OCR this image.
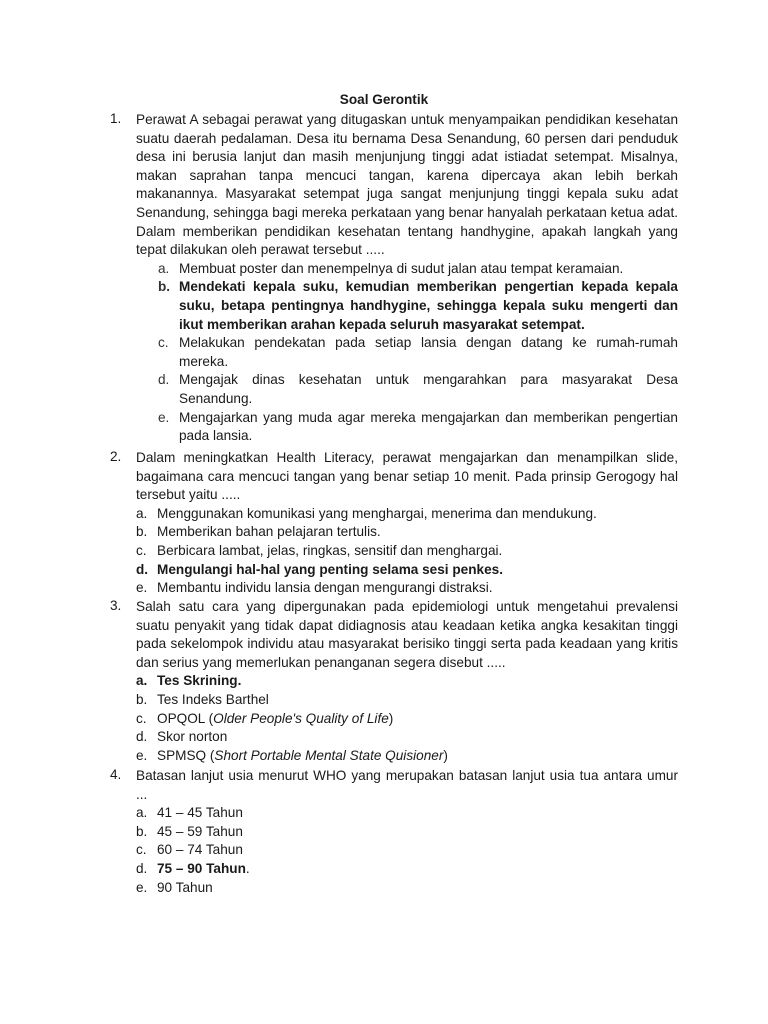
Soal Gerontik
1.	Perawat A sebagai perawat yang ditugaskan untuk menyampaikan pendidikan kesehatan suatu daerah pedalaman. Desa itu bernama Desa Senandung, 60 persen dari penduduk desa ini berusia lanjut dan masih menjunjung tinggi adat istiadat setempat. Misalnya, makan saprahan tanpa mencuci tangan, karena dipercaya akan lebih berkah makanannya. Masyarakat setempat juga sangat menjunjung tinggi kepala suku adat Senandung, sehingga bagi mereka perkataan yang benar hanyalah perkataan ketua adat. Dalam memberikan pendidikan kesehatan tentang handhygine, apakah langkah yang tepat dilakukan oleh perawat tersebut .....
a. Membuat poster dan menempelnya di sudut jalan atau tempat keramaian.
b. Mendekati kepala suku, kemudian memberikan pengertian kepada kepala suku, betapa pentingnya handhygine, sehingga kepala suku mengerti dan ikut memberikan arahan kepada seluruh masyarakat setempat.
c. Melakukan pendekatan pada setiap lansia dengan datang ke rumah-rumah mereka.
d. Mengajak dinas kesehatan untuk mengarahkan para masyarakat Desa Senandung.
e. Mengajarkan yang muda agar mereka mengajarkan dan memberikan pengertian pada lansia.
2.	Dalam meningkatkan Health Literacy, perawat mengajarkan dan menampilkan slide, bagaimana cara mencuci tangan yang benar setiap 10 menit. Pada prinsip Gerogogy hal tersebut yaitu .....
a. Menggunakan komunikasi yang menghargai, menerima dan mendukung.
b. Memberikan bahan pelajaran tertulis.
c. Berbicara lambat, jelas, ringkas, sensitif dan menghargai.
d. Mengulangi hal-hal yang penting selama sesi penkes.
e. Membantu individu lansia dengan mengurangi distraksi.
3.	Salah satu cara yang dipergunakan pada epidemiologi untuk mengetahui prevalensi suatu penyakit yang tidak dapat didiagnosis atau keadaan ketika angka kesakitan tinggi pada sekelompok individu atau masyarakat berisiko tinggi serta pada keadaan yang kritis dan serius yang memerlukan penanganan segera disebut .....
a. Tes Skrining.
b. Tes Indeks Barthel
c. OPQOL (Older People's Quality of Life)
d. Skor norton
e. SPMSQ (Short Portable Mental State Quisioner)
4.	Batasan lanjut usia menurut WHO yang merupakan batasan lanjut usia tua antara umur ...
a. 41 – 45 Tahun
b. 45 – 59 Tahun
c. 60 – 74 Tahun
d. 75 – 90 Tahun.
e. 90 Tahun
